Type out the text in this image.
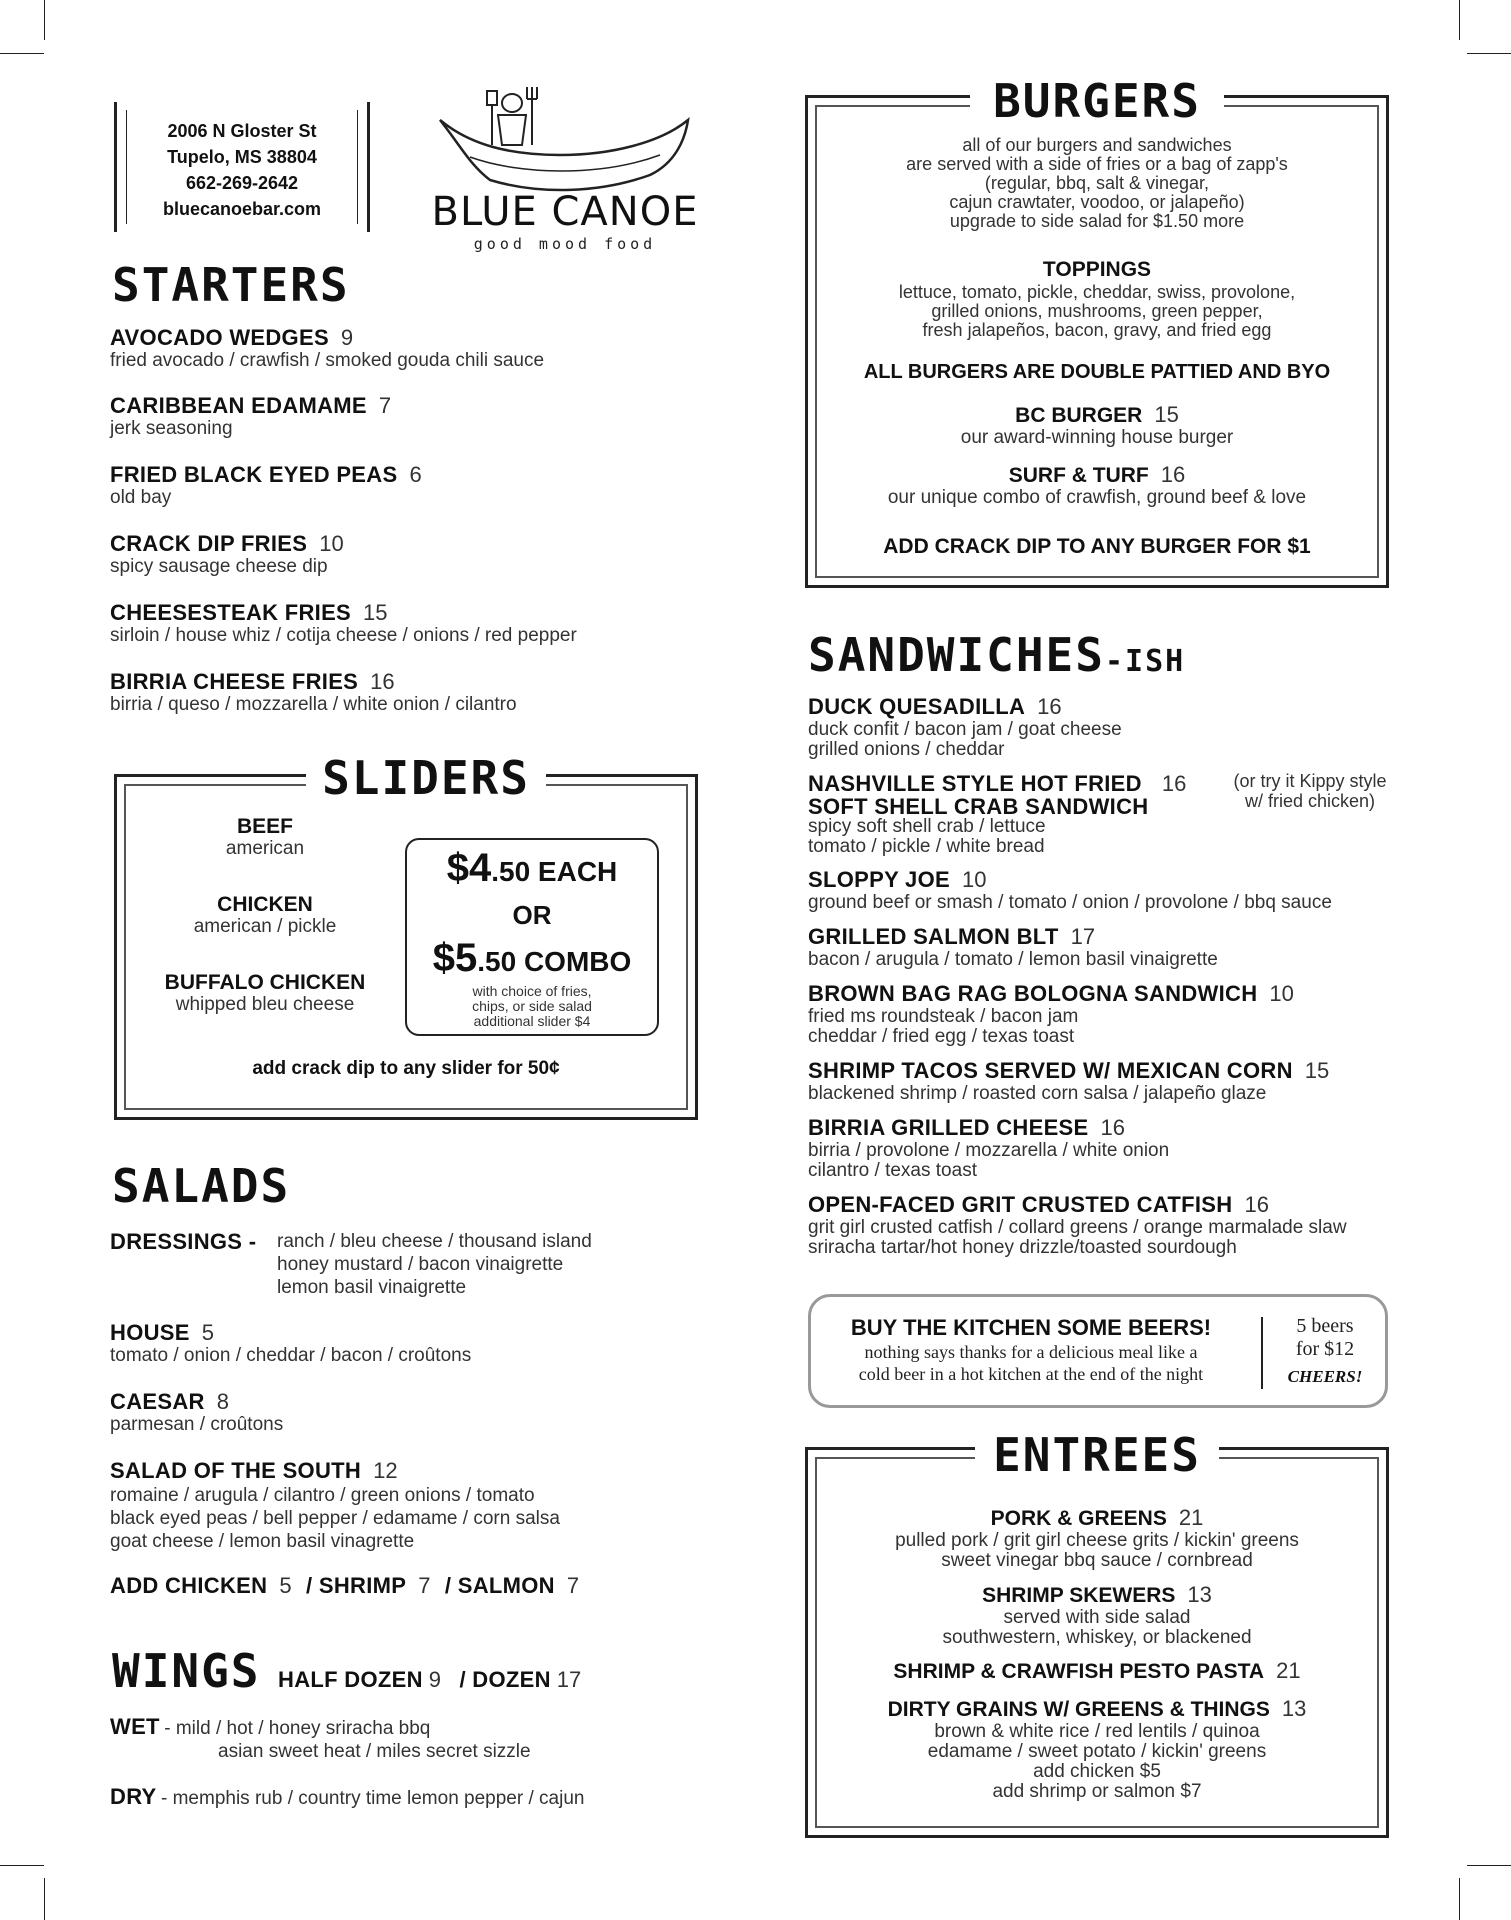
2006 N Gloster St
Tupelo, MS 38804
662-269-2642
bluecanoebar.com	BLUE CANOE
good mood food
STARTERS
AVOCADO WEDGES 9
fried avocado / crawfish / smoked gouda chili sauce
CARIBBEAN EDAMAME 7
jerk seasoning
FRIED BLACK EYED PEAS 6
old bay
CRACK DIP FRIES 10
spicy sausage cheese dip
CHEESESTEAK FRIES 15
sirloin / house whiz / cotija cheese / onions / red pepper
BIRRIA CHEESE FRIES 16
birria / queso / mozzarella / white onion / cilantro
SLIDERS
BEEF
american
CHICKEN
american / pickle
BUFFALO CHICKEN
whipped bleu cheese
$4.50 EACH
OR
$5.50 COMBO
with choice of fries,
chips, or side salad
additional slider $4
add crack dip to any slider for 50¢
SALADS
DRESSINGS - ranch / bleu cheese / thousand island
honey mustard / bacon vinaigrette
lemon basil vinaigrette
HOUSE 5
tomato / onion / cheddar / bacon / croûtons
CAESAR 8
parmesan / croûtons
SALAD OF THE SOUTH 12
romaine / arugula / cilantro / green onions / tomato
black eyed peas / bell pepper / edamame / corn salsa
goat cheese / lemon basil vinagrette
ADD CHICKEN 5 / SHRIMP 7 / SALMON 7
WINGS HALF DOZEN 9 / DOZEN 17
WET - mild / hot / honey sriracha bbq
asian sweet heat / miles secret sizzle
DRY - memphis rub / country time lemon pepper / cajun
BURGERS
all of our burgers and sandwiches
are served with a side of fries or a bag of zapp's
(regular, bbq, salt & vinegar,
cajun crawtater, voodoo, or jalapeño)
upgrade to side salad for $1.50 more
TOPPINGS
lettuce, tomato, pickle, cheddar, swiss, provolone,
grilled onions, mushrooms, green pepper,
fresh jalapeños, bacon, gravy, and fried egg
ALL BURGERS ARE DOUBLE PATTIED AND BYO
BC BURGER 15
our award-winning house burger
SURF & TURF 16
our unique combo of crawfish, ground beef & love
ADD CRACK DIP TO ANY BURGER FOR $1
SANDWICHES-ISH
DUCK QUESADILLA 16
duck confit / bacon jam / goat cheese
grilled onions / cheddar
NASHVILLE STYLE HOT FRIED 16
SOFT SHELL CRAB SANDWICH
spicy soft shell crab / lettuce
tomato / pickle / white bread
(or try it Kippy style
w/ fried chicken)
SLOPPY JOE 10
ground beef or smash / tomato / onion / provolone / bbq sauce
GRILLED SALMON BLT 17
bacon / arugula / tomato / lemon basil vinaigrette
BROWN BAG RAG BOLOGNA SANDWICH 10
fried ms roundsteak / bacon jam
cheddar / fried egg / texas toast
SHRIMP TACOS SERVED W/ MEXICAN CORN 15
blackened shrimp / roasted corn salsa / jalapeño glaze
BIRRIA GRILLED CHEESE 16
birria / provolone / mozzarella / white onion
cilantro / texas toast
OPEN-FACED GRIT CRUSTED CATFISH 16
grit girl crusted catfish / collard greens / orange marmalade slaw
sriracha tartar/hot honey drizzle/toasted sourdough
BUY THE KITCHEN SOME BEERS!
nothing says thanks for a delicious meal like a
cold beer in a hot kitchen at the end of the night
5 beers
for $12
CHEERS!
ENTREES
PORK & GREENS 21
pulled pork / grit girl cheese grits / kickin' greens
sweet vinegar bbq sauce / cornbread
SHRIMP SKEWERS 13
served with side salad
southwestern, whiskey, or blackened
SHRIMP & CRAWFISH PESTO PASTA 21
DIRTY GRAINS W/ GREENS & THINGS 13
brown & white rice / red lentils / quinoa
edamame / sweet potato / kickin' greens
add chicken $5
add shrimp or salmon $7
